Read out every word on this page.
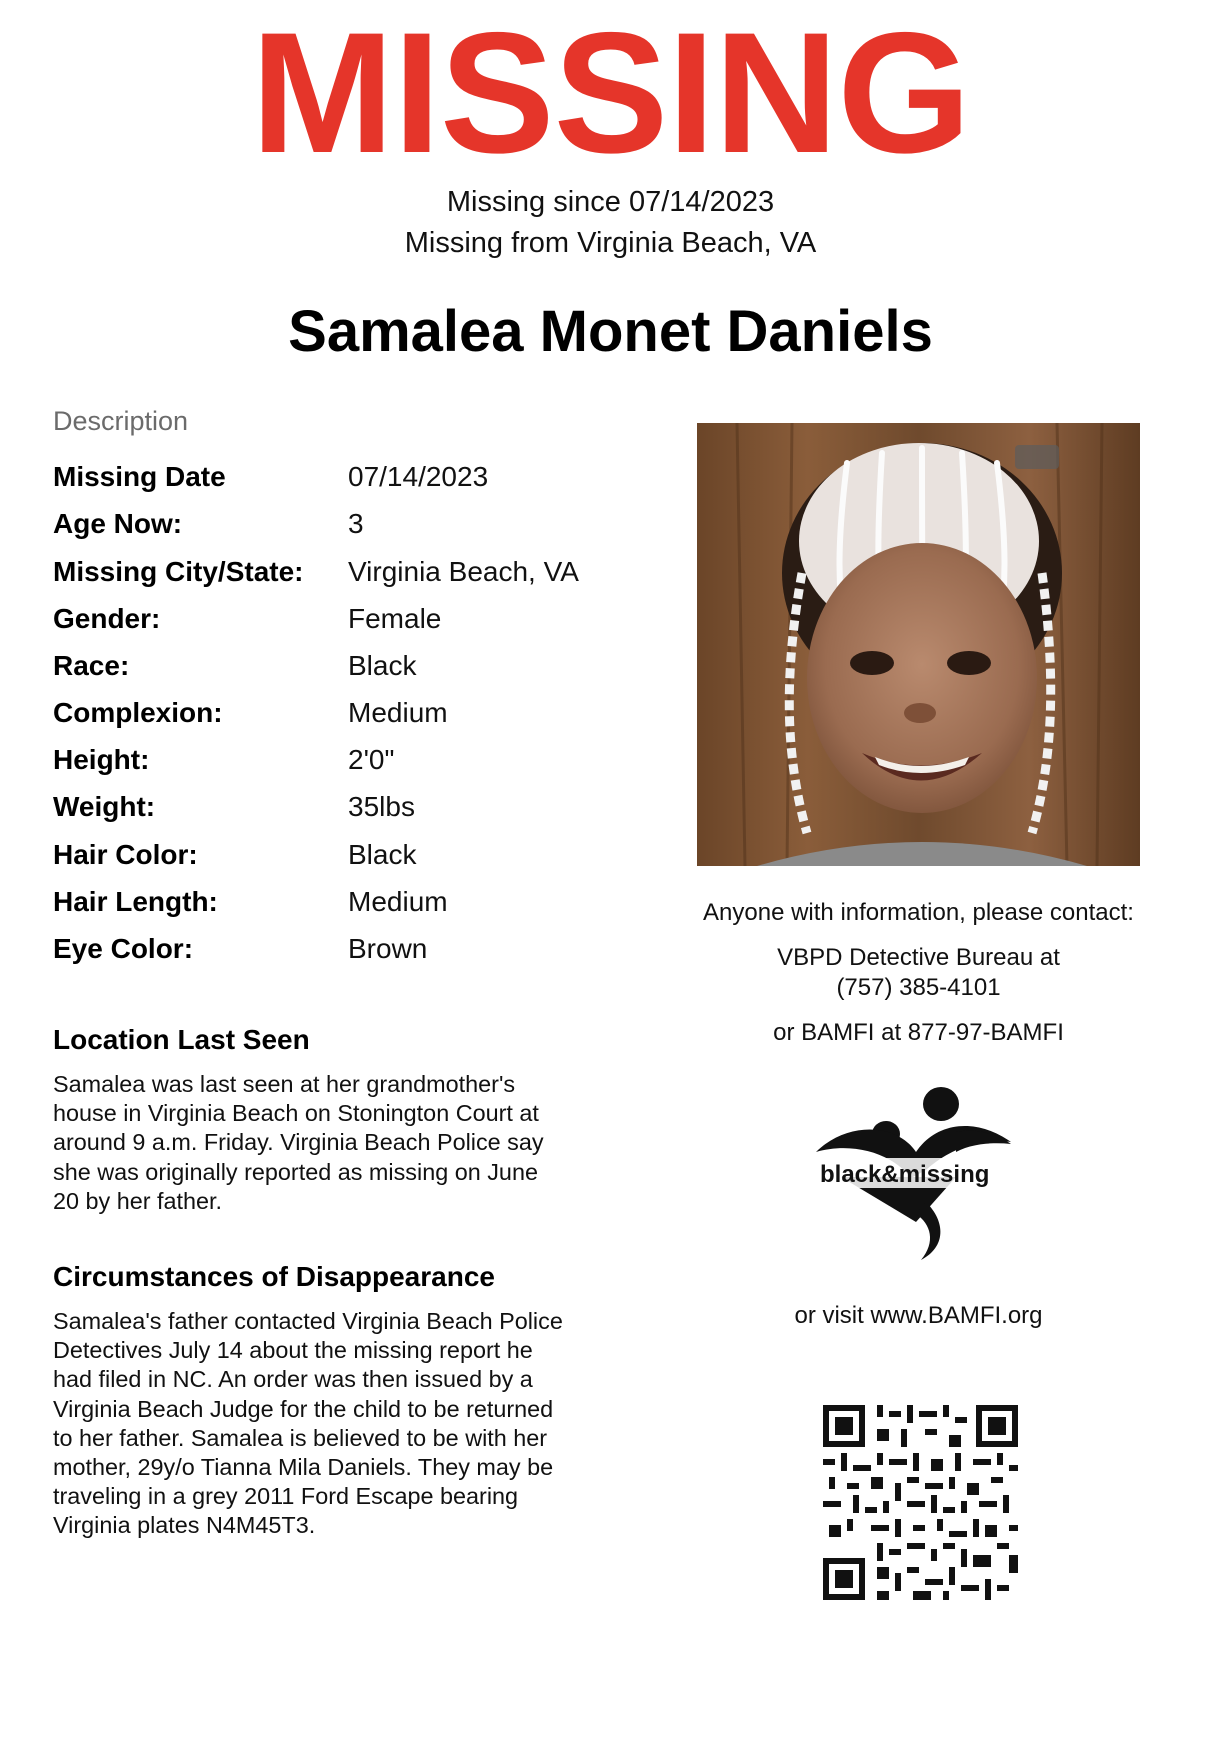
MISSING
Missing since 07/14/2023
Missing from Virginia Beach, VA
Samalea Monet Daniels
Description
Missing Date	07/14/2023
Age Now:	3
Missing City/State: Virginia Beach, VA
Gender:	Female
Race:	Black
Complexion:	Medium
Height:	2'0"
Weight:	35lbs
Hair Color:	Black
Hair Length:	Medium
Eye Color:	Brown
Location Last Seen
Samalea was last seen at her grandmother's
house in Virginia Beach on Stonington Court at
around 9 a.m. Friday. Virginia Beach Police say
she was originally reported as missing on June
20 by her father.
Circumstances of Disappearance
Samalea's father contacted Virginia Beach Police
Detectives July 14 about the missing report he
had filed in NC. An order was then issued by a
Virginia Beach Judge for the child to be returned
to her father. Samalea is believed to be with her
mother, 29y/o Tianna Mila Daniels. They may be
traveling in a grey 2011 Ford Escape bearing
Virginia plates N4M45T3.
Anyone with information, please contact:
VBPD Detective Bureau at
(757) 385-4101
or BAMFI at 877-97-BAMFI
black&missing
or visit www.BAMFI.org
